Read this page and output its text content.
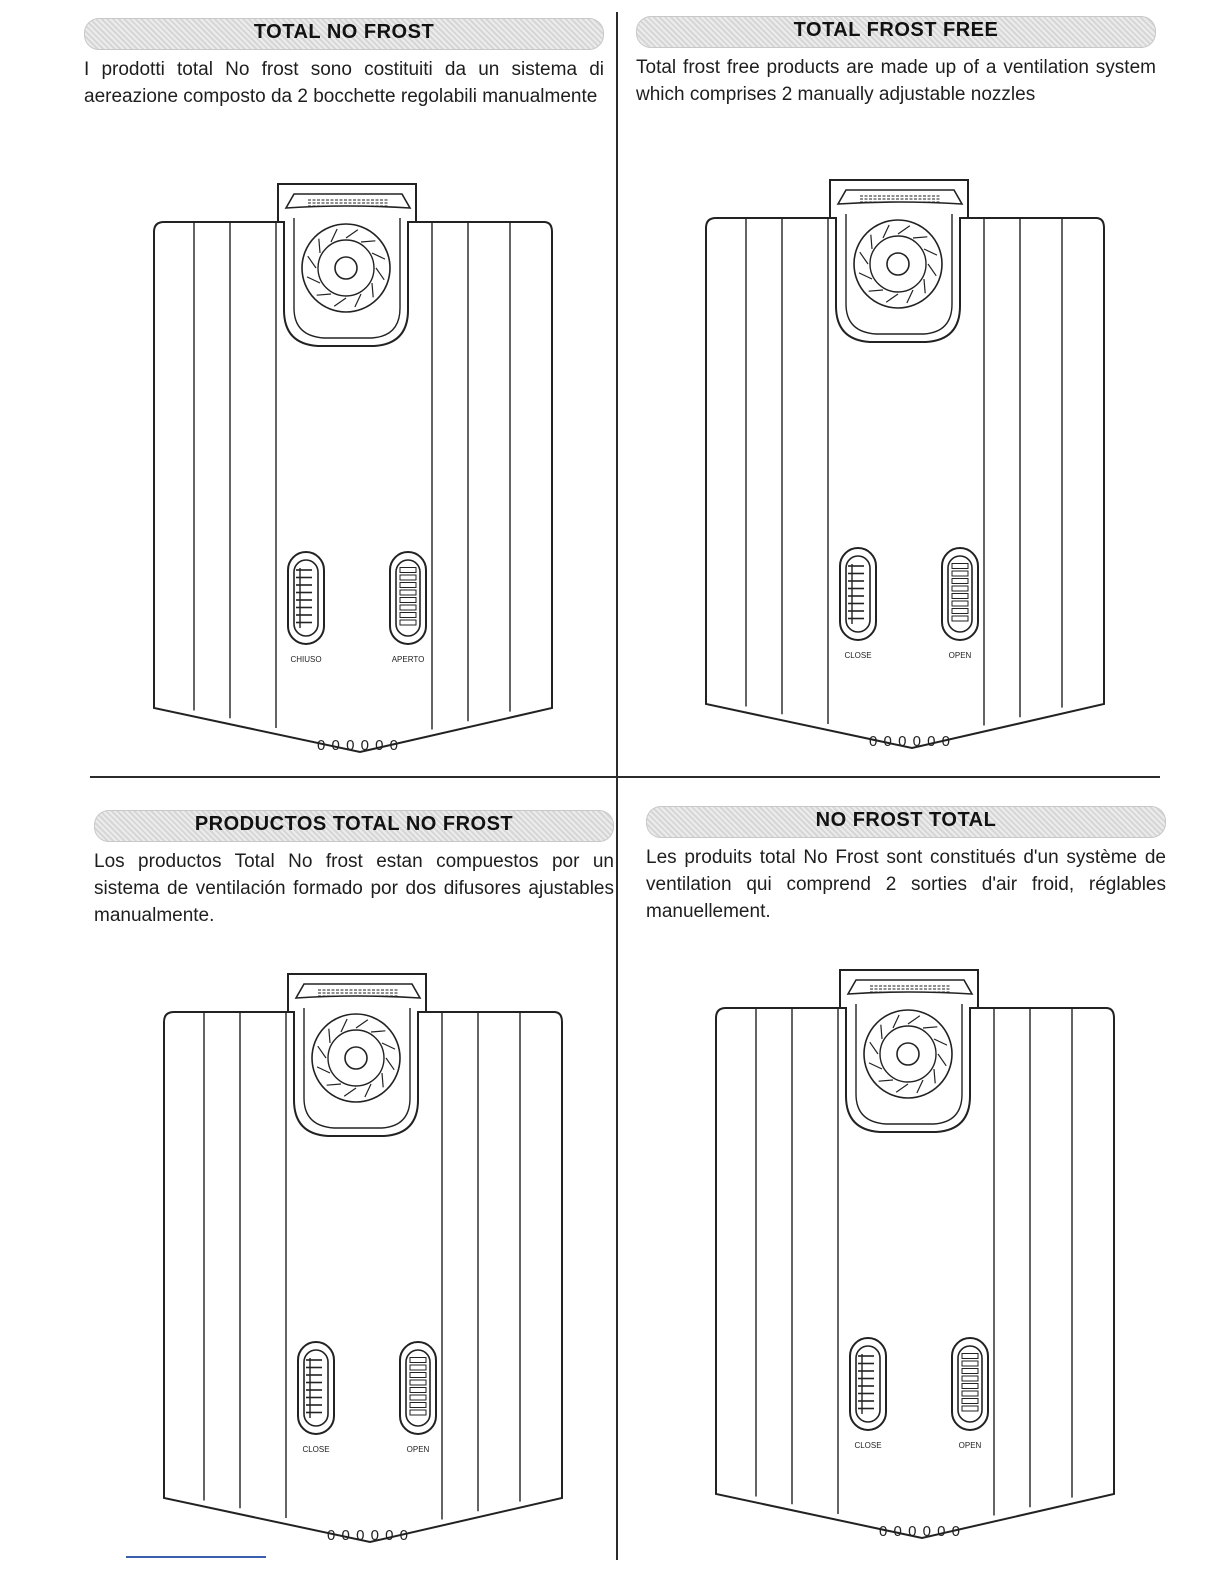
TOTAL NO FROST
I prodotti total No frost sono costituiti da un sistema di aereazione composto da 2 bocchette regolabili manualmente
CHIUSO	APERTO
0 0 0 0 0 0
TOTAL FROST FREE
Total frost free products are made up of a ventilation system which comprises 2 manually adjustable nozzles
CLOSE	OPEN
0 0 0 0 0 0
PRODUCTOS TOTAL NO FROST
Los productos Total No frost estan compuestos por un sistema de ventilación formado por dos difusores ajustables manualmente.
CLOSE	OPEN
0 0 0 0 0 0
NO FROST TOTAL
Les produits total No Frost sont constitués d'un système de ventilation qui comprend 2 sorties d'air froid, réglables manuellement.
CLOSE	OPEN
0 0 0 0 0 0
